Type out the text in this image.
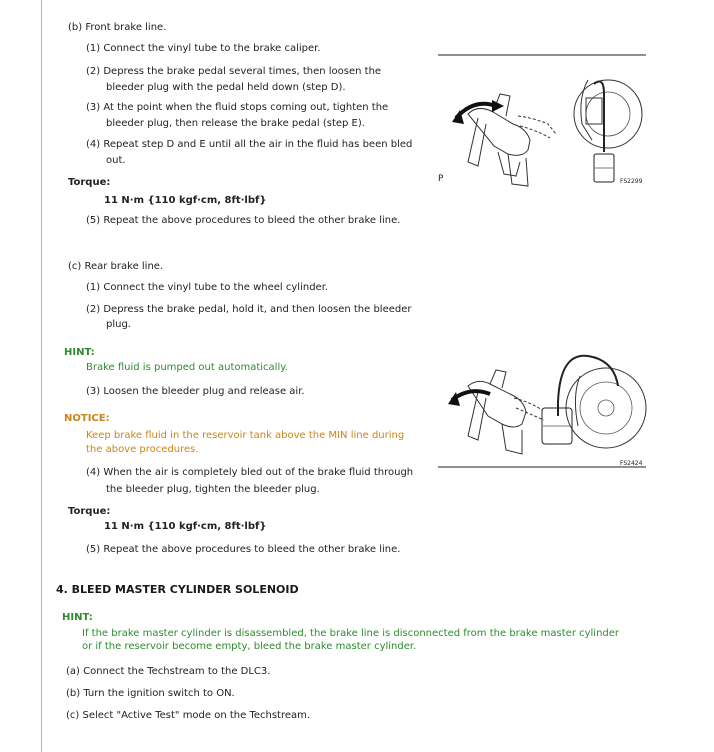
(b) Front brake line.

(1) Connect the vinyl tube to the brake caliper.

(2) Depress the brake pedal several times, then loosen the

bleeder plug with the pedal held down (step D).

(3) At the point when the fluid stops coming out, tighten the

bleeder plug, then release the brake pedal (step E).

(4) Repeat step D and E until all the air in the fluid has been bled

out.

Torque:

11 N·m {110 kgf·cm, 8ft·lbf}

(5) Repeat the above procedures to bleed the other brake line.

FS2299
P

(c) Rear brake line.

(1) Connect the vinyl tube to the wheel cylinder.

(2) Depress the brake pedal, hold it, and then loosen the bleeder

plug.

HINT:

Brake fluid is pumped out automatically.

(3) Loosen the bleeder plug and release air.

NOTICE:

Keep brake fluid in the reservoir tank above the MIN line during

the above procedures.

(4) When the air is completely bled out of the brake fluid through

the bleeder plug, tighten the bleeder plug.

Torque:

11 N·m {110 kgf·cm, 8ft·lbf}

(5) Repeat the above procedures to bleed the other brake line.

FS2424

4. BLEED MASTER CYLINDER SOLENOID

HINT:

If the brake master cylinder is disassembled, the brake line is disconnected from the brake master cylinder

or if the reservoir become empty, bleed the brake master cylinder.

(a) Connect the Techstream to the DLC3.

(b) Turn the ignition switch to ON.

(c) Select "Active Test" mode on the Techstream.
